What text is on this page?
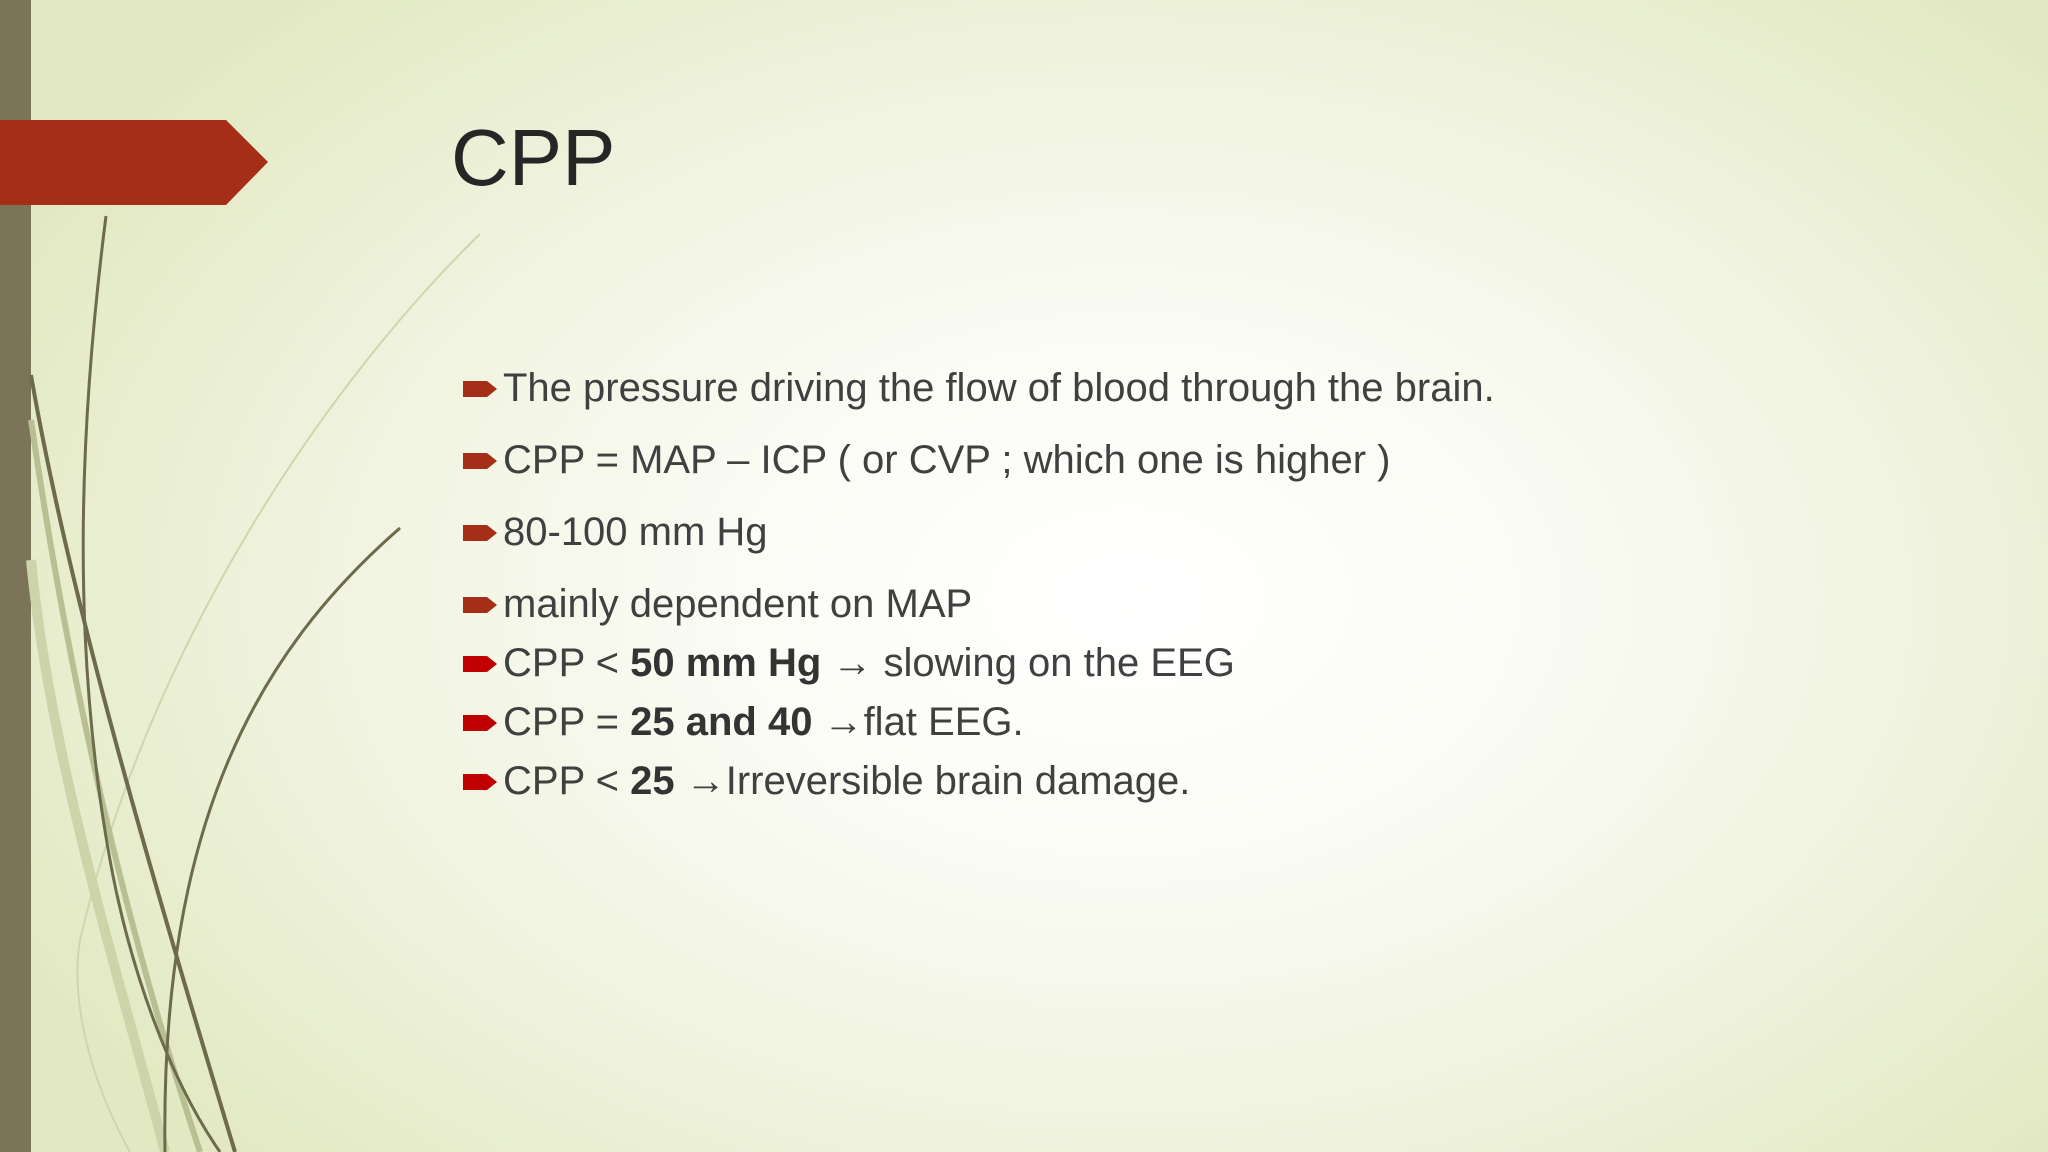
CPP
The pressure driving the flow of blood through the brain.
CPP = MAP – ICP ( or CVP ; which one is higher )
80-100 mm Hg
mainly dependent on MAP
CPP < 50 mm Hg → slowing on the EEG
CPP = 25 and 40 →flat EEG.
CPP < 25 →Irreversible brain damage.
